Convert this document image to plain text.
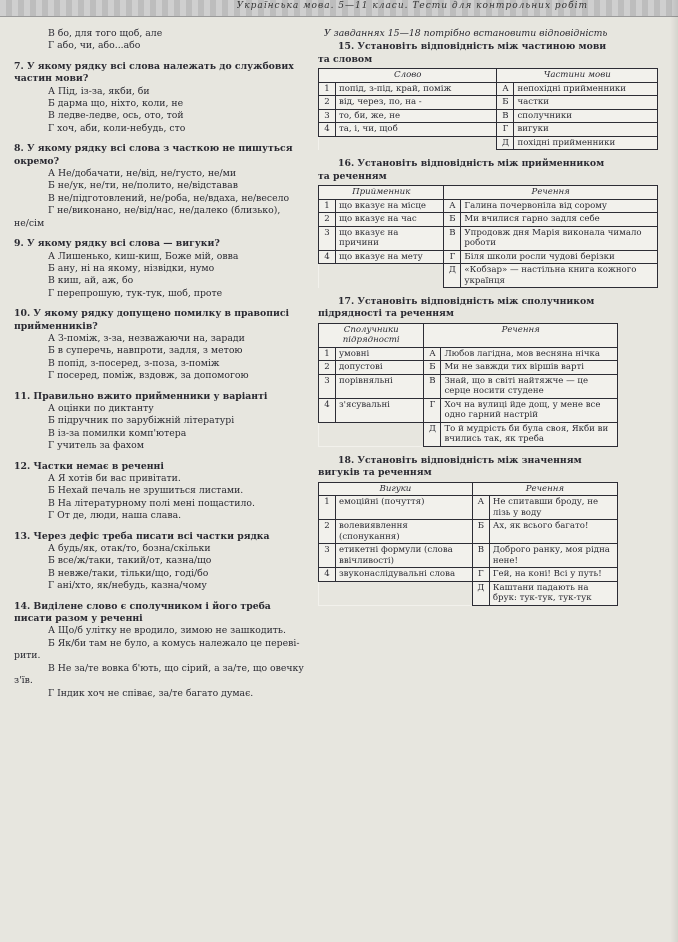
Українська мова. 5—11 класи. Тести для контрольних робіт
В бо, для того щоб, але
Г або, чи, або...або
7. У якому рядку всі слова належать до службових
частин мови?
А Під, із-за, якби, би
Б дарма що, ніхто, коли, не
В ледве-ледве, ось, ото, той
Г хоч, аби, коли-небудь, сто
8. У якому рядку всі слова з часткою не пишуться
окремо?
А Не/добачати, не/від, не/густо, не/ми
Б не/ук, не/ти, не/полито, не/відставав
В не/підготовлений, не/роба, не/вдаха, не/весело
Г не/виконано, не/від/нас, не/далеко (близько),
не/сім
9. У якому рядку всі слова — вигуки?
А Лишенько, киш-киш, Боже мій, овва
Б ану, ні на якому, нізвідки, нумо
В киш, ай, аж, бо
Г перепрошую, тук-тук, шоб, проте
10. У якому рядку допущено помилку в правописі
прийменників?
А З-поміж, з-за, незважаючи на, заради
Б в суперечь, навпроти, задля, з метою
В попід, з-посеред, з-поза, з-поміж
Г посеред, поміж, вздовж, за допомогою
11. Правильно вжито прийменники у варіанті
А оцінки по диктанту
Б підручник по зарубіжній літературі
В із-за помилки комп'ютера
Г учитель за фахом
12. Частки немає в реченні
А Я хотів би вас привітати.
Б Нехай печаль не зрушиться листами.
В На літературному полі мені пощастило.
Г От де, люди, наша слава.
13. Через дефіс треба писати всі частки рядка
А будь/як, отак/то, бозна/скільки
Б все/ж/таки, такий/от, казна/що
В невже/таки, тільки/що, годі/бо
Г ані/хто, як/небудь, казна/чому
14. Виділене слово є сполучником і його треба
писати разом у реченні
А Що/б улітку не вродило, зимою не зашкодить.
Б Як/би там не було, а комусь належало це переві-
рити.
В Не за/те вовка б'ють, що сірий, а за/те, що овечку
з'їв.
Г Індик хоч не співає, за/те багато думає.
У завданнях 15—18 потрібно встановити відповідність
15. Установіть відповідність між частиною мови
та словом
Слово		Частини мови	
1	попід, з-під, край, поміж	А	непохідні прийменники
2	від, через, по, на -	Б	частки
3	то, би, же, не	В	сполучники
4	та, і, чи, щоб	Г	вигуки
		Д	похідні прийменники
16. Установіть відповідність між прийменником
та реченням
Прийменник		Речення	
1	що вказує на місце	А	Галина почервоніла від сорому
2	що вказує на час	Б	Ми вчилися гарно задля себе
3	що вказує на причини	В	Упродовж дня Марія виконала чимало роботи
4	що вказує на мету	Г	Біля школи росли чудові берізки
		Д	«Кобзар» — настільна книга кожного українця
17. Установіть відповідність між сполучником
підрядності та реченням
Сполучники підрядності		Речення	
1	умовні	А	Любов лагідна, мов весняна нічка
2	допустові	Б	Ми не завжди тих віршів варті
3	порівняльні	В	Знай, що в світі найтяжче — це серце носити студене
4	з'ясувальні	Г	Хоч на вулиці йде дощ, у мене все одно гарний настрій
		Д	То й мудрість би була своя, Якби ви вчились так, як треба
18. Установіть відповідність між значенням
вигуків та реченням
Вигуки		Речення	
1	емоційні (почуття)	А	Не спитавши броду, не лізь у воду
2	волевиявлення (спонукання)	Б	Ах, як всього багато!
3	етикетні формули (слова ввічливості)	В	Доброго ранку, моя рідна нене!
4	звуконаслідувальні слова	Г	Гей, на коні! Всі у путь!
		Д	Каштани падають на брук: тук-тук, тук-тук
